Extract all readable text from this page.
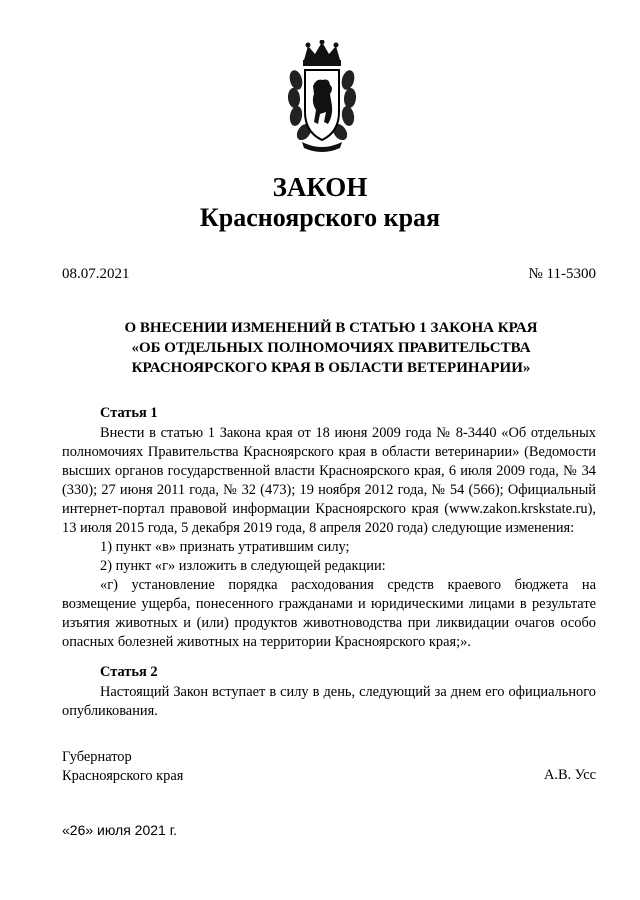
ЗАКОН
Красноярского края
08.07.2021	№ 11-5300
О ВНЕСЕНИИ ИЗМЕНЕНИЙ В СТАТЬЮ 1 ЗАКОНА КРАЯ
«ОБ ОТДЕЛЬНЫХ ПОЛНОМОЧИЯХ ПРАВИТЕЛЬСТВА
КРАСНОЯРСКОГО КРАЯ В ОБЛАСТИ ВЕТЕРИНАРИИ»
Статья 1

Внести в статью 1 Закона края от 18 июня 2009 года № 8-3440 «Об отдельных полномочиях Правительства Красноярского края в области ветеринарии» (Ведомости высших органов государственной власти Красноярского края, 6 июля 2009 года, № 34 (330); 27 июня 2011 года, № 32 (473); 19 ноября 2012 года, № 54 (566); Официальный интернет-портал правовой информации Красноярского края (www.zakon.krskstate.ru), 13 июля 2015 года, 5 декабря 2019 года, 8 апреля 2020 года) следующие изменения:

1) пункт «в» признать утратившим силу;

2) пункт «г» изложить в следующей редакции:

«г) установление порядка расходования средств краевого бюджета на возмещение ущерба, понесенного гражданами и юридическими лицами в результате изъятия животных и (или) продуктов животноводства при ликвидации очагов особо опасных болезней животных на территории Красноярского края;».

Статья 2

Настоящий Закон вступает в силу в день, следующий за днем его официального опубликования.

Губернатор
Красноярского края	А.В. Усс
«26» июля 2021 г.
